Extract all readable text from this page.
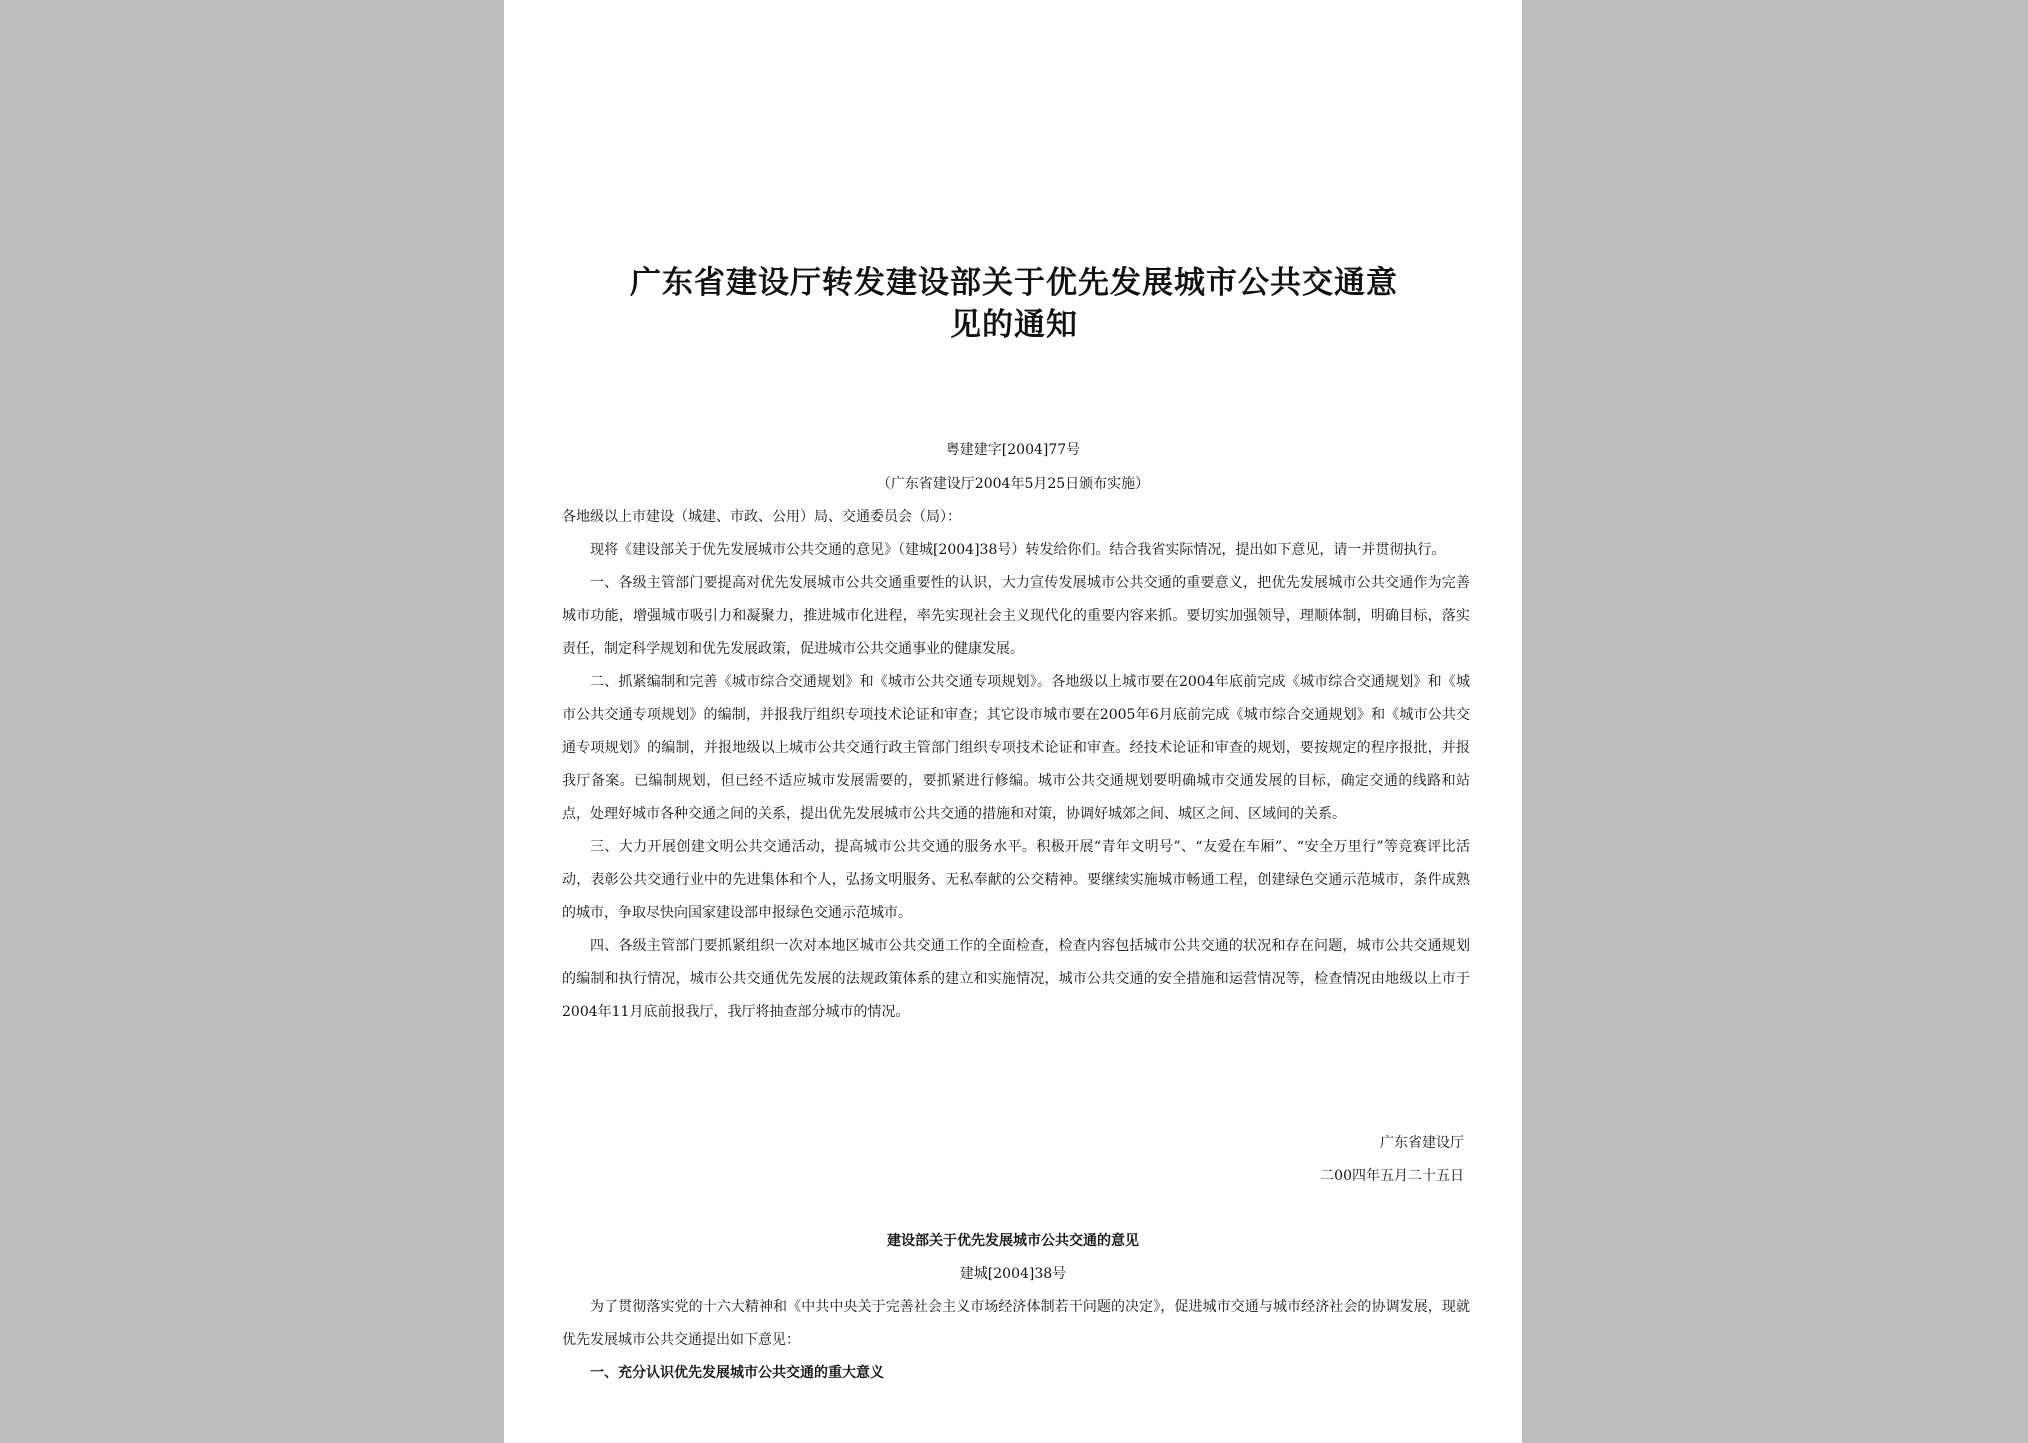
广东省建设厅转发建设部关于优先发展城市公共交通意
见的通知

粤建建字[2004]77号

（广东省建设厅2004年5月25日颁布实施）

各地级以上市建设（城建、市政、公用）局、交通委员会（局）：

现将《建设部关于优先发展城市公共交通的意见》（建城[2004]38号）转发给你们。结合我省实际情况，提出如下意见，请一并贯彻执行。

一、各级主管部门要提高对优先发展城市公共交通重要性的认识，大力宣传发展城市公共交通的重要意义，把优先发展城市公共交通作为完善城市功能，增强城市吸引力和凝聚力，推进城市化进程，率先实现社会主义现代化的重要内容来抓。要切实加强领导，理顺体制，明确目标，落实责任，制定科学规划和优先发展政策，促进城市公共交通事业的健康发展。

二、抓紧编制和完善《城市综合交通规划》和《城市公共交通专项规划》。各地级以上城市要在2004年底前完成《城市综合交通规划》和《城市公共交通专项规划》的编制，并报我厅组织专项技术论证和审查；其它设市城市要在2005年6月底前完成《城市综合交通规划》和《城市公共交通专项规划》的编制，并报地级以上城市公共交通行政主管部门组织专项技术论证和审查。经技术论证和审查的规划，要按规定的程序报批，并报我厅备案。已编制规划，但已经不适应城市发展需要的，要抓紧进行修编。城市公共交通规划要明确城市交通发展的目标，确定交通的线路和站点，处理好城市各种交通之间的关系，提出优先发展城市公共交通的措施和对策，协调好城郊之间、城区之间、区域间的关系。

三、大力开展创建文明公共交通活动，提高城市公共交通的服务水平。积极开展“青年文明号”、“友爱在车厢”、“安全万里行”等竞赛评比活动，表彰公共交通行业中的先进集体和个人，弘扬文明服务、无私奉献的公交精神。要继续实施城市畅通工程，创建绿色交通示范城市，条件成熟的城市，争取尽快向国家建设部申报绿色交通示范城市。

四、各级主管部门要抓紧组织一次对本地区城市公共交通工作的全面检查，检查内容包括城市公共交通的状况和存在问题，城市公共交通规划的编制和执行情况，城市公共交通优先发展的法规政策体系的建立和实施情况，城市公共交通的安全措施和运营情况等，检查情况由地级以上市于2004年11月底前报我厅，我厅将抽查部分城市的情况。

广东省建设厅

二00四年五月二十五日

建设部关于优先发展城市公共交通的意见

建城[2004]38号

为了贯彻落实党的十六大精神和《中共中央关于完善社会主义市场经济体制若干问题的决定》，促进城市交通与城市经济社会的协调发展，现就优先发展城市公共交通提出如下意见：

一、充分认识优先发展城市公共交通的重大意义
